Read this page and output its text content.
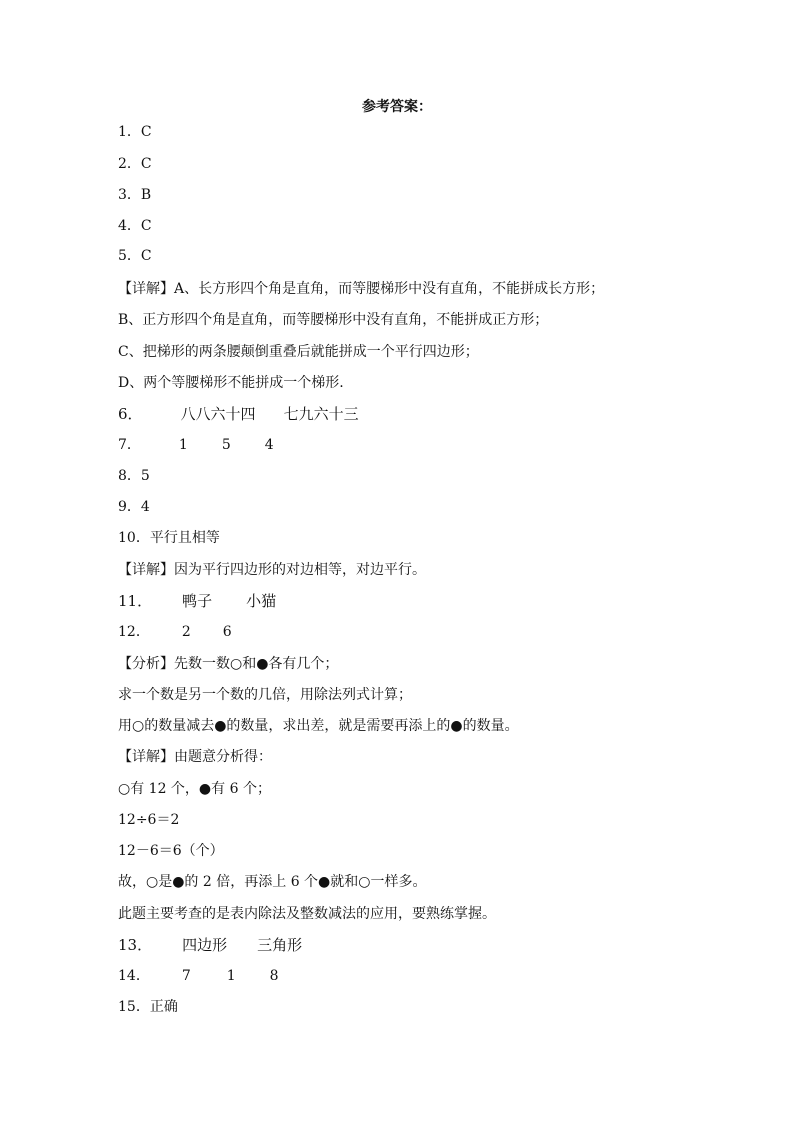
参考答案：
1．C
2．C
3．B
4．C
5．C
【详解】A、长方形四个角是直角，而等腰梯形中没有直角，不能拼成长方形；
B、正方形四个角是直角，而等腰梯形中没有直角，不能拼成正方形；
C、把梯形的两条腰颠倒重叠后就能拼成一个平行四边形；
D、两个等腰梯形不能拼成一个梯形.
6．	八八六十四 七九六十三
7．	1 5 4
8．5
9．4
10．平行且相等
【详解】因为平行四边形的对边相等，对边平行。
11． 鸭子 小猫
12． 2 6
【分析】先数一数○和●各有几个；
求一个数是另一个数的几倍，用除法列式计算；
用○的数量减去●的数量，求出差，就是需要再添上的●的数量。
【详解】由题意分析得：
○有 12 个，●有 6 个；
12÷6＝2
12－6＝6（个）
故，○是●的 2 倍，再添上 6 个●就和○一样多。
此题主要考查的是表内除法及整数减法的应用，要熟练掌握。
13． 四边形 三角形
14． 7	1 8
15．正确
